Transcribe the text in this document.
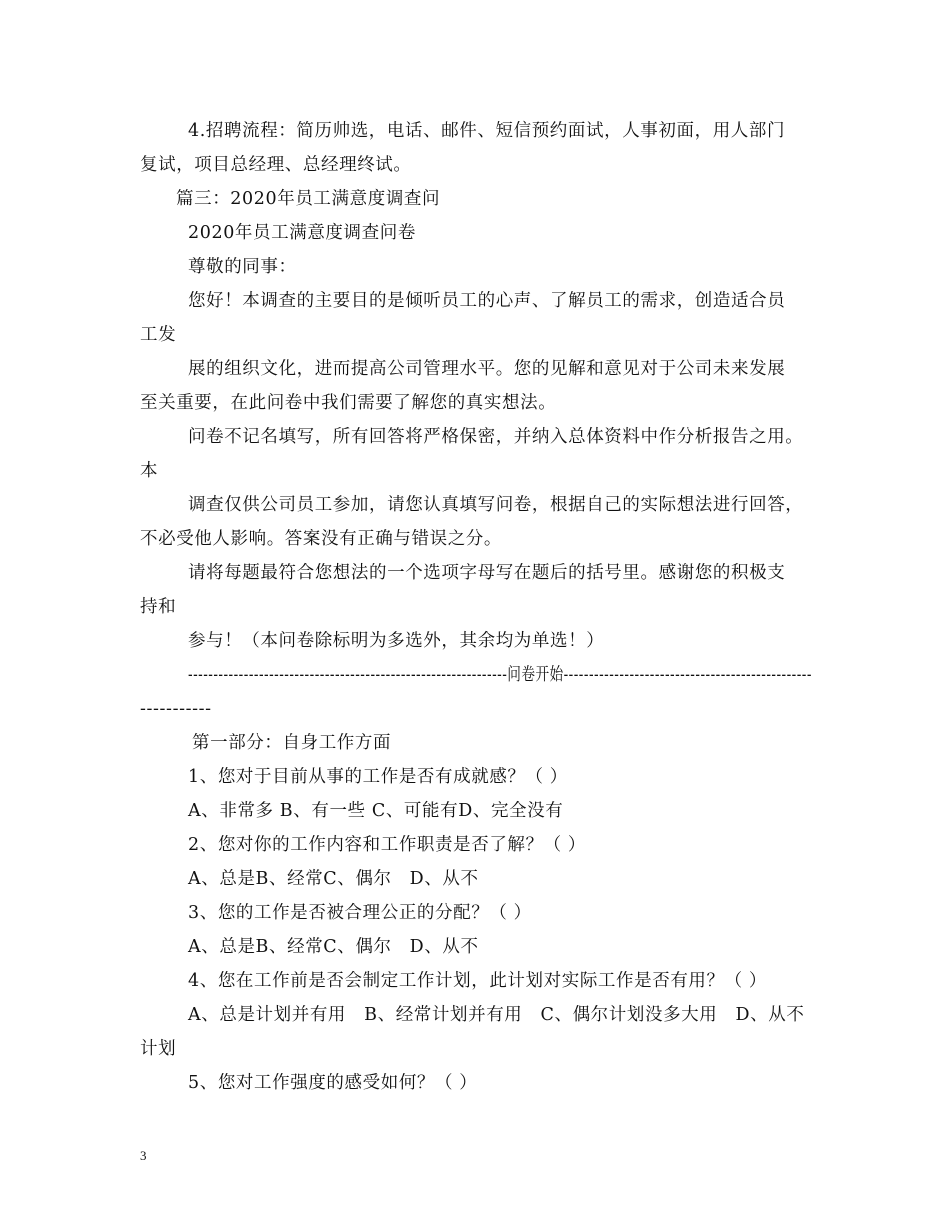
4.招聘流程：简历帅选，电话、邮件、短信预约面试，人事初面，用人部门
复试，项目总经理、总经理终试。
篇三：2020年员工满意度调查问
2020年员工满意度调查问卷
尊敬的同事：
您好！本调查的主要目的是倾听员工的心声、了解员工的需求，创造适合员
工发
展的组织文化，进而提高公司管理水平。您的见解和意见对于公司未来发展
至关重要，在此问卷中我们需要了解您的真实想法。
问卷不记名填写，所有回答将严格保密，并纳入总体资料中作分析报告之用。
本
调查仅供公司员工参加，请您认真填写问卷，根据自己的实际想法进行回答，
不必受他人影响。答案没有正确与错误之分。
请将每题最符合您想法的一个选项字母写在题后的括号里。感谢您的积极支
持和
参与！（本问卷除标明为多选外，其余均为单选！）
---------------------------------------------------------------问卷开始-------------------------------------------------
-----------
第一部分：自身工作方面
1、您对于目前从事的工作是否有成就感？（ ）
A、非常多 B、有一些 C、可能有D、完全没有
2、您对你的工作内容和工作职责是否了解？（ ）
A、总是B、经常C、偶尔　D、从不
3、您的工作是否被合理公正的分配？（ ）
A、总是B、经常C、偶尔　D、从不
4、您在工作前是否会制定工作计划，此计划对实际工作是否有用？（ ）
A、总是计划并有用　B、经常计划并有用　C、偶尔计划没多大用　D、从不
计划
5、您对工作强度的感受如何？（ ）
3
